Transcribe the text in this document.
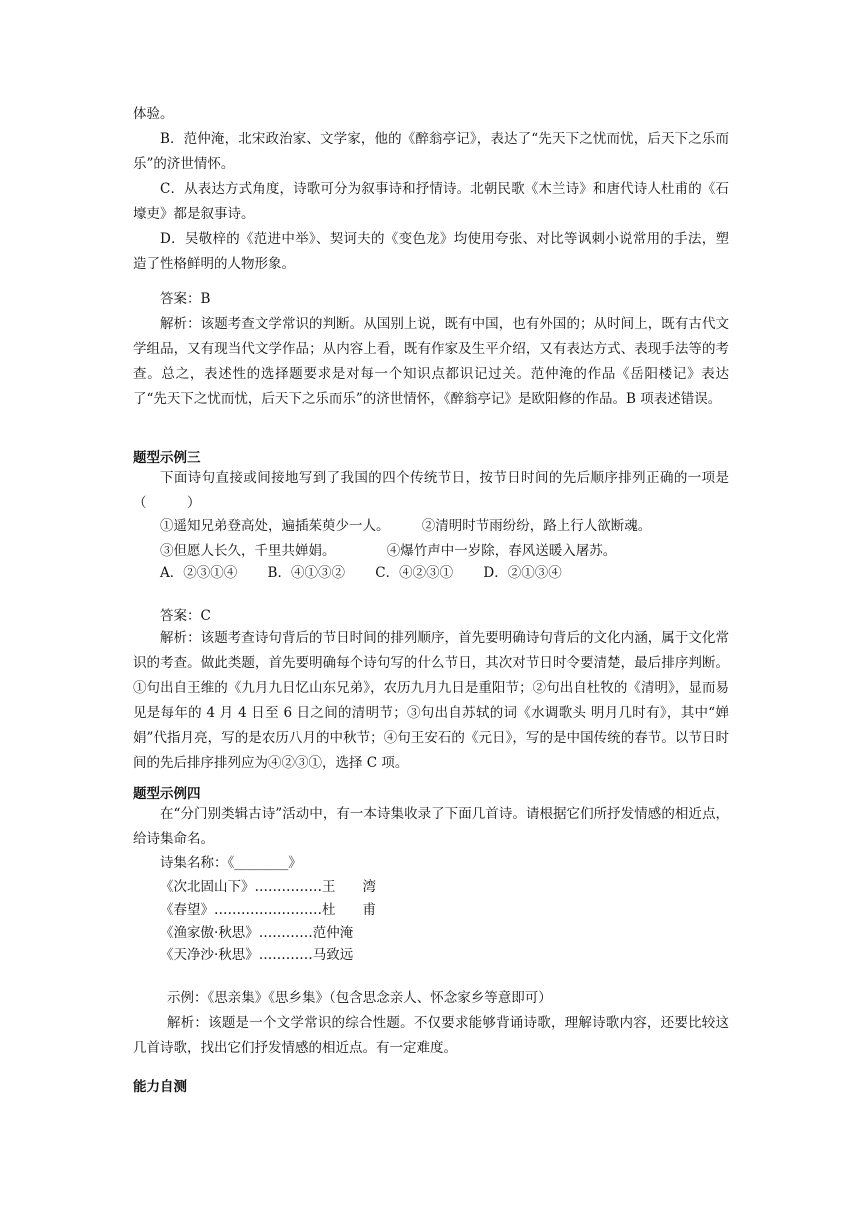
体验。
B．范仲淹，北宋政治家、文学家，他的《醉翁亭记》，表达了“先天下之忧而忧，后天下之乐而乐”的济世情怀。
C．从表达方式角度，诗歌可分为叙事诗和抒情诗。北朝民歌《木兰诗》和唐代诗人杜甫的《石壕吏》都是叙事诗。
D．吴敬梓的《范进中举》、契诃夫的《变色龙》均使用夸张、对比等讽刺小说常用的手法，塑造了性格鲜明的人物形象。
答案：B
解析：该题考查文学常识的判断。从国别上说，既有中国，也有外国的；从时间上，既有古代文学组品，又有现当代文学作品；从内容上看，既有作家及生平介绍，又有表达方式、表现手法等的考查。总之，表述性的选择题要求是对每一个知识点都识记过关。范仲淹的作品《岳阳楼记》表达了“先天下之忧而忧，后天下之乐而乐”的济世情怀，《醉翁亭记》是欧阳修的作品。B 项表述错误。
题型示例三
下面诗句直接或间接地写到了我国的四个传统节日，按节日时间的先后顺序排列正确的一项是（　　　）
①遥知兄弟登高处，遍插茱萸少一人。 ②清明时节雨纷纷，路上行人欲断魂。
③但愿人长久，千里共婵娟。	④爆竹声中一岁除，春风送暖入屠苏。
A．②③①④ B．④①③② C．④②③① D．②①③④
答案：C
解析：该题考查诗句背后的节日时间的排列顺序，首先要明确诗句背后的文化内涵，属于文化常识的考查。做此类题，首先要明确每个诗句写的什么节日，其次对节日时令要清楚，最后排序判断。①句出自王维的《九月九日忆山东兄弟》，农历九月九日是重阳节；②句出自杜牧的《清明》，显而易见是每年的 4 月 4 日至 6 日之间的清明节；③句出自苏轼的词《水调歌头 明月几时有》，其中“婵娟”代指月亮，写的是农历八月的中秋节；④句王安石的《元日》，写的是中国传统的春节。以节日时间的先后排序排列应为④②③①，选择 C 项。
题型示例四
在“分门别类辑古诗”活动中，有一本诗集收录了下面几首诗。请根据它们所抒发情感的相近点，给诗集命名。
诗集名称：《________》
《次北固山下》……………王　　湾
《春望》……………………杜　　甫
《渔家傲·秋思》…………范仲淹
《天净沙·秋思》…………马致远
示例：《思亲集》《思乡集》（包含思念亲人、怀念家乡等意即可）
解析：该题是一个文学常识的综合性题。不仅要求能够背诵诗歌，理解诗歌内容，还要比较这几首诗歌，找出它们抒发情感的相近点。有一定难度。
能力自测
